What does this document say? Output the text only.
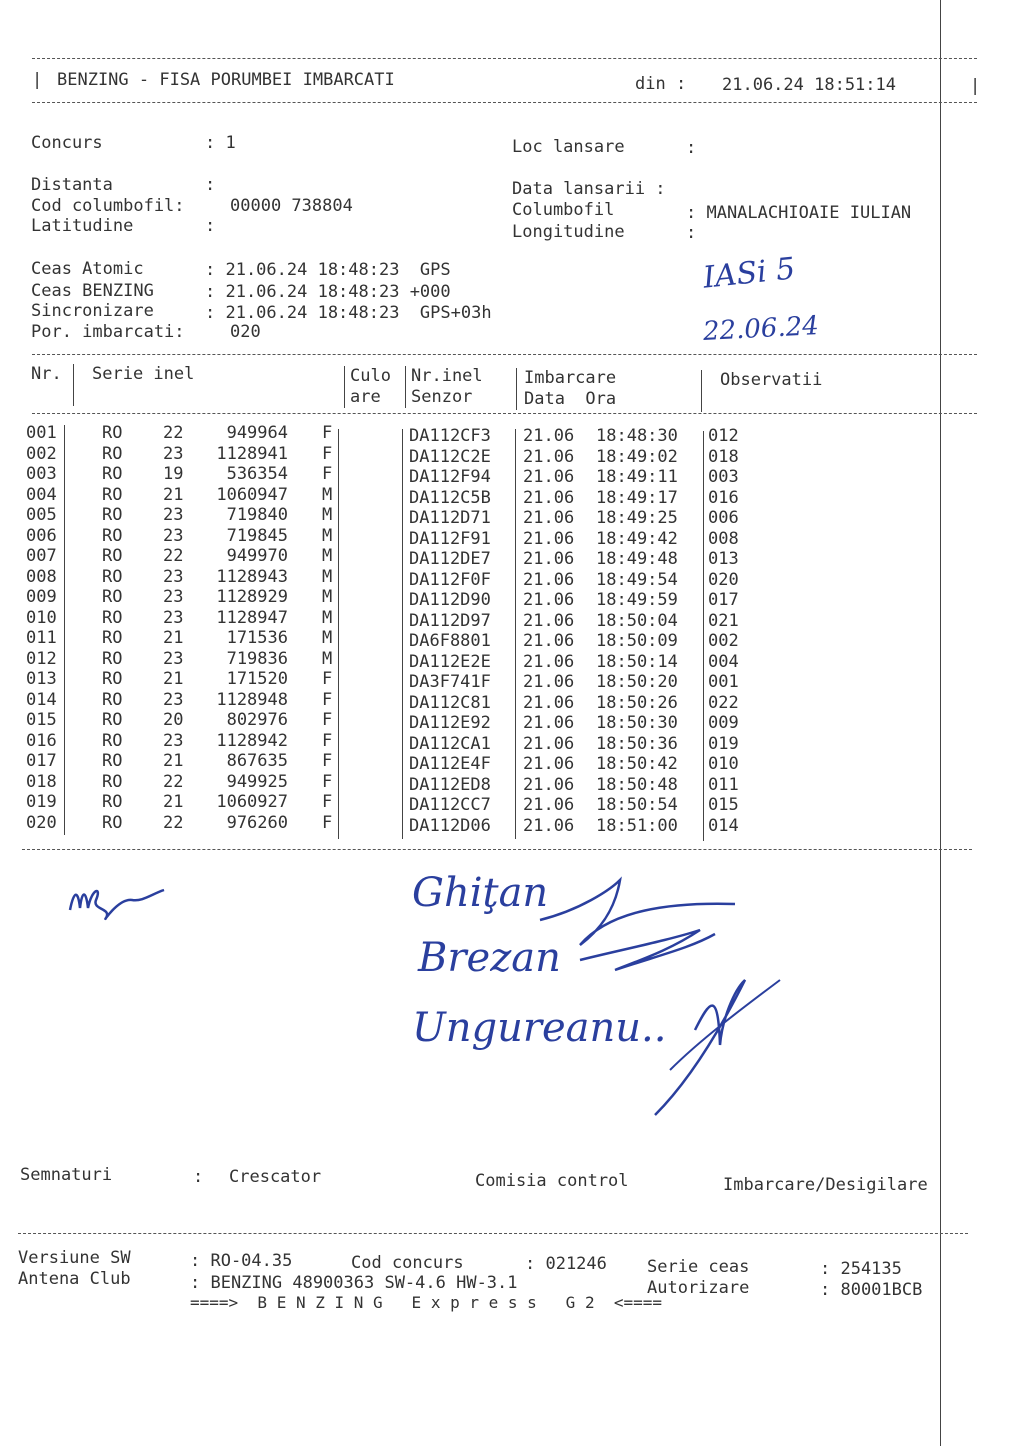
| BENZING - FISA PORUMBEI IMBARCATI	din : 21.06.24 18:51:14	|
Concurs	: 1	Loc lansare	:
Distanta	:
Cod columbofil:	00000 738804
Latitudine	:
Data lansarii :
Columbofil	: MANALACHIOAIE IULIAN
Longitudine	:
Ceas Atomic	: 21.06.24 18:48:23  GPS
Ceas BENZING	: 21.06.24 18:48:23 +000
Sincronizare	: 21.06.24 18:48:23  GPS+03h
Por. imbarcati:	020
IASi 5
22.06.24
Nr. Serie inel	Culo
are
Nr.inel
Senzor
Imbarcare
Data  Ora
Observatii
001	RO 22	949964 F	DA112CF3 21.06 18:48:30 012
002	RO 23	1128941 F	DA112C2E 21.06 18:49:02 018
003	RO 19	536354 F	DA112F94 21.06 18:49:11 003
004	RO 21	1060947 M	DA112C5B 21.06 18:49:17 016
005	RO 23	719840 M	DA112D71 21.06 18:49:25 006
006	RO 23	719845 M	DA112F91 21.06 18:49:42 008
007	RO 22	949970 M	DA112DE7 21.06 18:49:48 013
008	RO 23	1128943 M	DA112F0F 21.06 18:49:54 020
009	RO 23	1128929 M	DA112D90 21.06 18:49:59 017
010	RO 23	1128947 M	DA112D97 21.06 18:50:04 021
011	RO 21	171536 M	DA6F8801 21.06 18:50:09 002
012	RO 23	719836 M	DA112E2E 21.06 18:50:14 004
013	RO 21	171520 F	DA3F741F 21.06 18:50:20 001
014	RO 23	1128948 F	DA112C81 21.06 18:50:26 022
015	RO 20	802976 F	DA112E92 21.06 18:50:30 009
016	RO 23	1128942 F	DA112CA1 21.06 18:50:36 019
017	RO 21	867635 F	DA112E4F 21.06 18:50:42 010
018	RO 22	949925 F	DA112ED8 21.06 18:50:48 011
019	RO 21	1060927 F	DA112CC7 21.06 18:50:54 015
020	RO 22	976260 F	DA112D06 21.06 18:51:00 014
Ghiţan
Brezan
Ungureanu..
Semnaturi	: Crescator	Comisia control	Imbarcare/Desigilare
Versiune SW	: RO-04.35	Cod concurs	: 021246 Serie ceas	: 254135
Antena Club	: BENZING 48900363 SW-4.6 HW-3.1	Autorizare	: 80001BCB
====>  B E N Z I N G   E x p r e s s   G 2  <====
